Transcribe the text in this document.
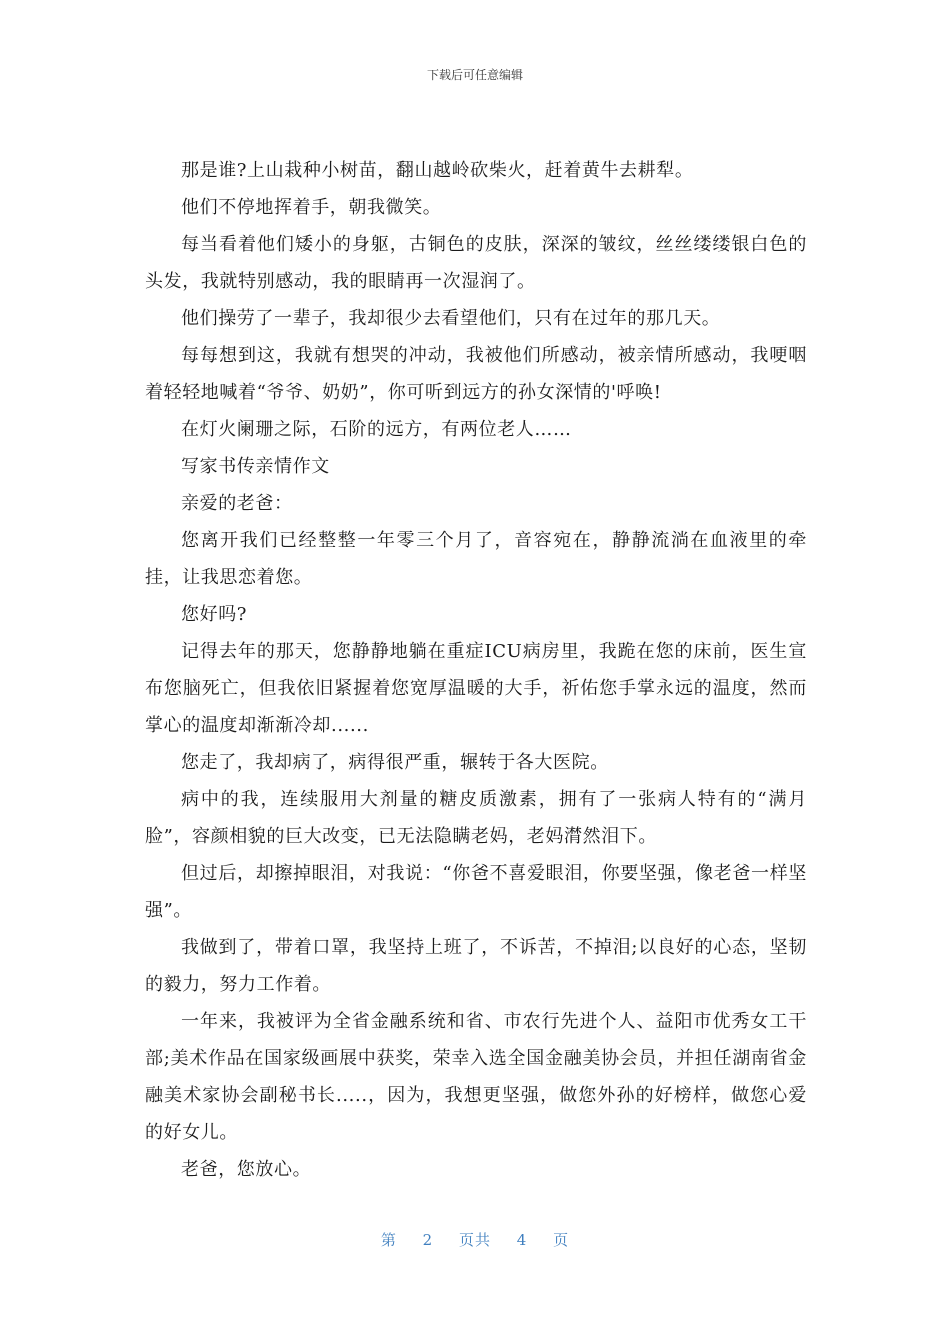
下载后可任意编辑

那是谁?上山栽种小树苗，翻山越岭砍柴火，赶着黄牛去耕犁。

他们不停地挥着手，朝我微笑。

每当看着他们矮小的身躯，古铜色的皮肤，深深的皱纹，丝丝缕缕银白色的头发，我就特别感动，我的眼睛再一次湿润了。

他们操劳了一辈子，我却很少去看望他们，只有在过年的那几天。

每每想到这，我就有想哭的冲动，我被他们所感动，被亲情所感动，我哽咽着轻轻地喊着“爷爷、奶奶”，你可听到远方的孙女深情的'呼唤!

在灯火阑珊之际，石阶的远方，有两位老人……

写家书传亲情作文

亲爱的老爸：

您离开我们已经整整一年零三个月了，音容宛在，静静流淌在血液里的牵挂，让我思恋着您。

您好吗?

记得去年的那天，您静静地躺在重症ICU病房里，我跪在您的床前，医生宣布您脑死亡，但我依旧紧握着您宽厚温暖的大手，祈佑您手掌永远的温度，然而掌心的温度却渐渐冷却......

您走了，我却病了，病得很严重，辗转于各大医院。

病中的我，连续服用大剂量的糖皮质激素，拥有了一张病人特有的“满月脸”，容颜相貌的巨大改变，已无法隐瞒老妈，老妈潸然泪下。

但过后，却擦掉眼泪，对我说：“你爸不喜爱眼泪，你要坚强，像老爸一样坚强”。

我做到了，带着口罩，我坚持上班了，不诉苦，不掉泪;以良好的心态，坚韧的毅力，努力工作着。

一年来，我被评为全省金融系统和省、市农行先进个人、益阳市优秀女工干部;美术作品在国家级画展中获奖，荣幸入选全国金融美协会员，并担任湖南省金融美术家协会副秘书长.....，因为，我想更坚强，做您外孙的好榜样，做您心爱的好女儿。

老爸，您放心。

第 2 页共 4 页
